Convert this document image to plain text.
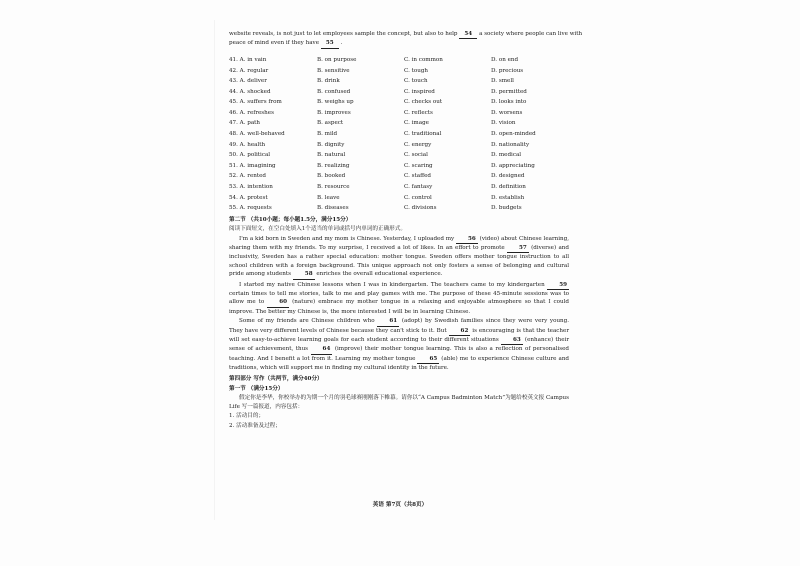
website reveals, is not just to let employees sample the concept, but also to help 54 a society where people can live with
peace of mind even if they have 55 .
41. A. in vain	B. on purpose	C. in common	D. on end
42. A. regular	B. sensitive	C. tough	D. precious
43. A. deliver	B. drink	C. touch	D. smell
44. A. shocked	B. confused	C. inspired	D. permitted
45. A. suffers from	B. weighs up	C. checks out	D. looks into
46. A. refreshes	B. improves	C. reflects	D. worsens
47. A. path	B. aspect	C. image	D. vision
48. A. well-behaved	B. mild	C. traditional	D. open-minded
49. A. health	B. dignity	C. energy	D. nationality
50. A. political	B. natural	C. social	D. medical
51. A. imagining	B. realizing	C. scaring	D. appreciating
52. A. rented	B. booked	C. staffed	D. designed
53. A. intention	B. resource	C. fantasy	D. definition
54. A. protest	B. leave	C. control	D. establish
55. A. requests	B. diseases	C. divisions	D. budgets
第二节 （共10小题；每小题1.5分，满分15分）
阅读下面短文，在空白处填入1个适当的单词或括号内单词的正确形式。
I'm a kid born in Sweden and my mom is Chinese. Yesterday, I uploaded my 56 (video) about Chinese learning, sharing them with my friends. To my surprise, I received a lot of likes. In an effort to promote	57 (diverse) and inclusivity, Sweden has a rather special education: mother tongue. Sweden offers mother tongue instruction to all school children with a foreign background. This unique approach not only fosters a sense of belonging and cultural pride among students 58 enriches the overall educational experience.
I started my native Chinese lessons when I was in kindergarten. The teachers came to my kindergarten	59 certain times to tell me stories, talk to me and play games with me. The purpose of these 45-minute sessions was to allow me to	60 (nature) embrace my mother tongue in a relaxing and enjoyable atmosphere so that I could improve. The better my Chinese is, the more interested I will be in learning Chinese.
Some of my friends are Chinese children who	61 (adopt) by Swedish families since they were very young. They have very different levels of Chinese because they can't stick to it. But 62 is encouraging is that the teacher will set easy-to-achieve learning goals for each student according to their different situations	63 (enhance) their sense of achievement, thus	64 (improve) their mother tongue learning. This is also a reflection of personalised teaching. And I benefit a lot from it. Learning my mother tongue	65 (able) me to experience Chinese culture and traditions, which will support me in finding my cultural identity in the future.
第四部分 写作（共两节，满分40分）
第一节 （满分15分）
假定你是李华，你校举办的为期一个月的羽毛球赛刚刚落下帷幕。请你以“A Campus Badminton Match”为题给校英文报 Campus Life 写一篇报道，内容包括：
1. 活动目的；
2. 活动准备及过程；
英语 第7页（共8页）
